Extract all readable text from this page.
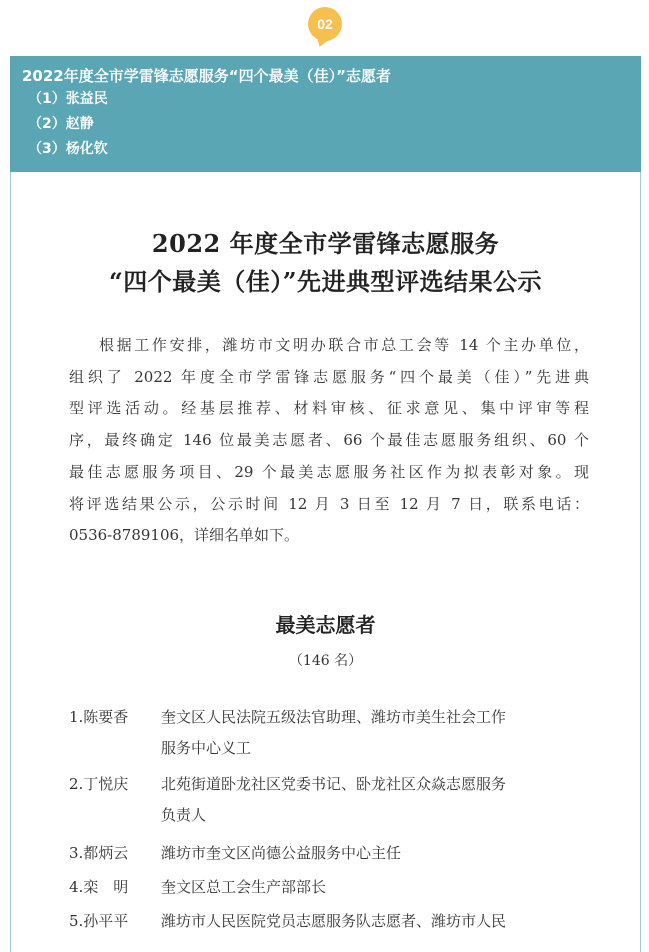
02
2022年度全市学雷锋志愿服务“四个最美（佳）”志愿者
（1）张益民
（2）赵静
（3）杨化钦
2022 年度全市学雷锋志愿服务
“四个最美（佳）”先进典型评选结果公示
根据工作安排，潍坊市文明办联合市总工会等 14 个主办单位，
组织了 2022 年度全市学雷锋志愿服务“四个最美（佳）”先进典
型评选活动。经基层推荐、材料审核、征求意见、集中评审等程
序，最终确定 146 位最美志愿者、66 个最佳志愿服务组织、60 个
最佳志愿服务项目、29 个最美志愿服务社区作为拟表彰对象。现
将评选结果公示，公示时间 12 月 3 日至 12 月 7 日，联系电话：
0536-8789106，详细名单如下。
最美志愿者
（146 名）
1.陈要香 奎文区人民法院五级法官助理、潍坊市美生社会工作
服务中心义工
2.丁悦庆 北苑街道卧龙社区党委书记、卧龙社区众焱志愿服务
负责人
3.都炳云 潍坊市奎文区尚德公益服务中心主任
4.栾　明 奎文区总工会生产部部长
5.孙平平 潍坊市人民医院党员志愿服务队志愿者、潍坊市人民
